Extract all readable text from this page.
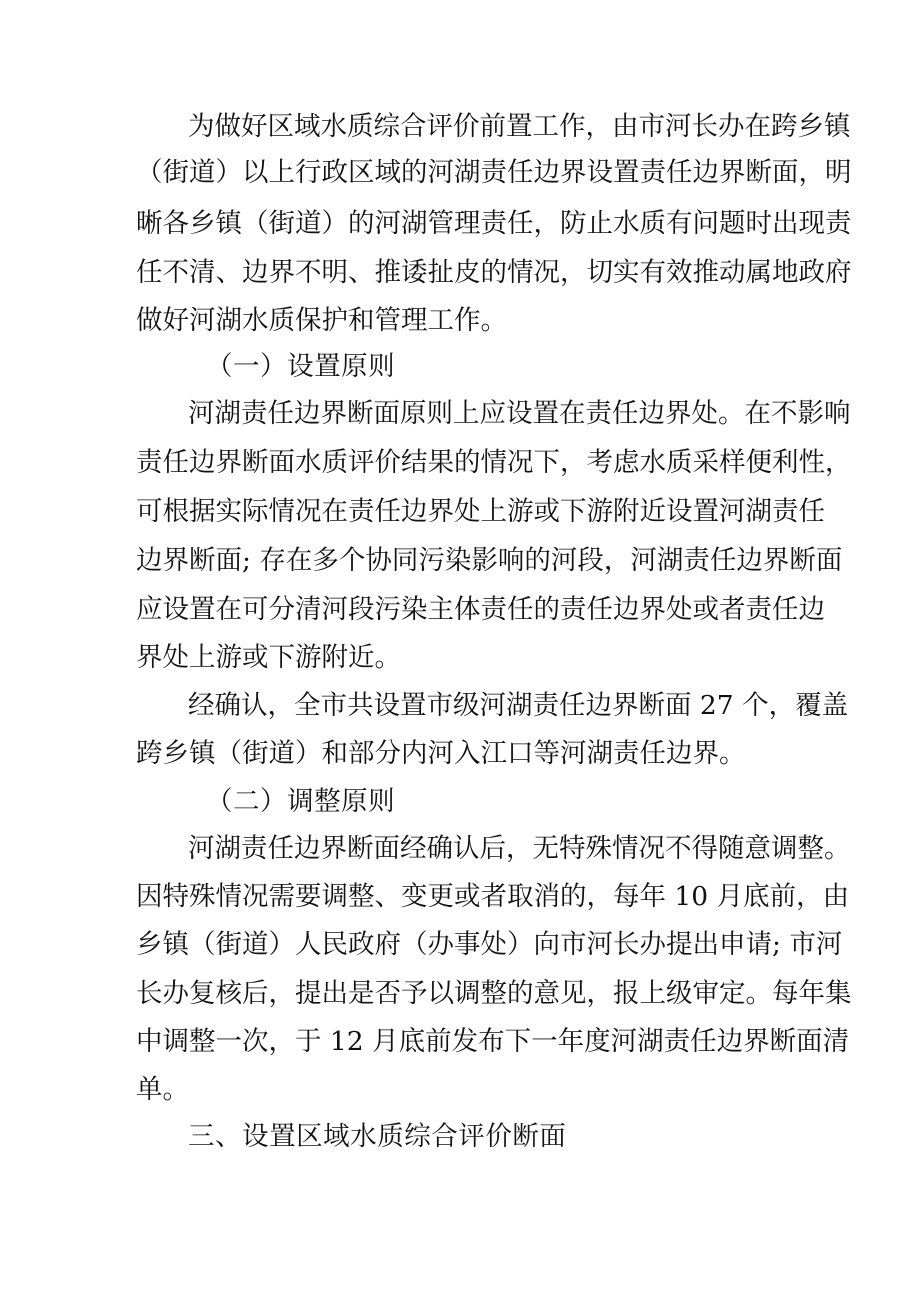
为做好区域水质综合评价前置工作，由市河长办在跨乡镇
（街道）以上行政区域的河湖责任边界设置责任边界断面，明
晰各乡镇（街道）的河湖管理责任，防止水质有问题时出现责
任不清、边界不明、推诿扯皮的情况，切实有效推动属地政府
做好河湖水质保护和管理工作。
（一）设置原则
河湖责任边界断面原则上应设置在责任边界处。在不影响
责任边界断面水质评价结果的情况下，考虑水质采样便利性，
可根据实际情况在责任边界处上游或下游附近设置河湖责任
边界断面; 存在多个协同污染影响的河段，河湖责任边界断面
应设置在可分清河段污染主体责任的责任边界处或者责任边
界处上游或下游附近。
经确认，全市共设置市级河湖责任边界断面 27 个，覆盖
跨乡镇（街道）和部分内河入江口等河湖责任边界。
（二）调整原则
河湖责任边界断面经确认后，无特殊情况不得随意调整。
因特殊情况需要调整、变更或者取消的，每年 10 月底前，由
乡镇（街道）人民政府（办事处）向市河长办提出申请; 市河
长办复核后，提出是否予以调整的意见，报上级审定。每年集
中调整一次，于 12 月底前发布下一年度河湖责任边界断面清
单。
三、设置区域水质综合评价断面
